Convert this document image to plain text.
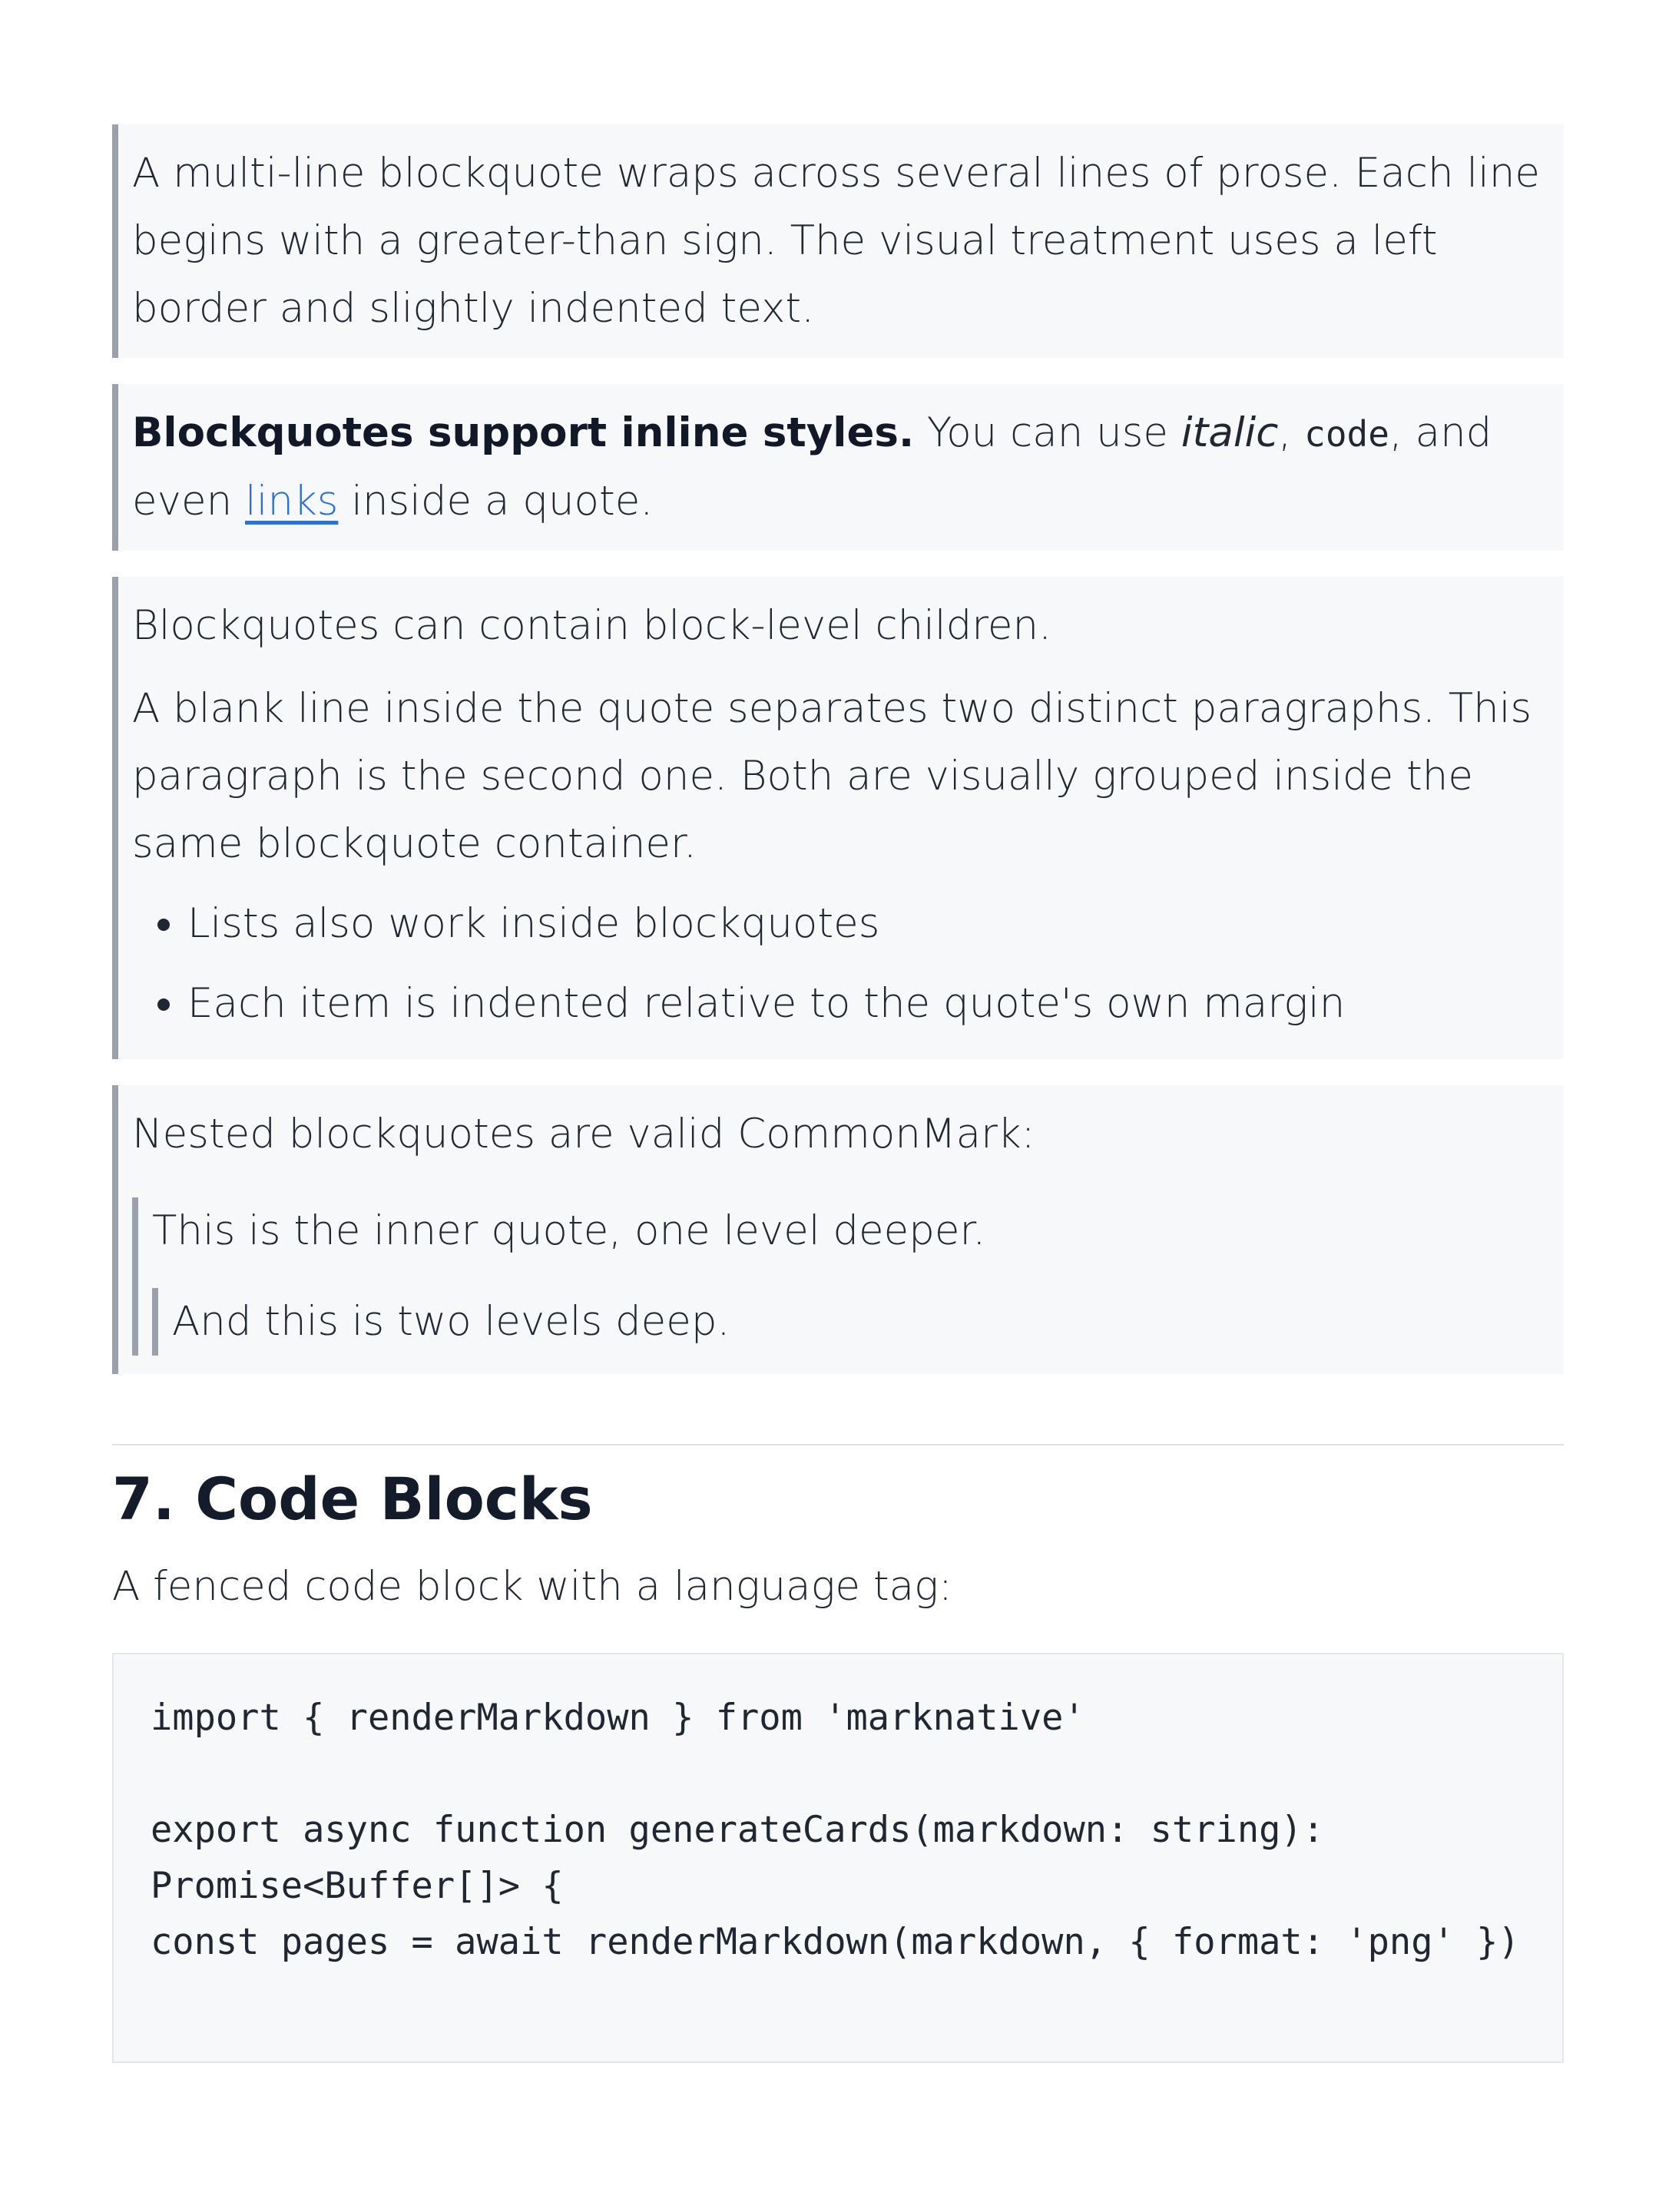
A multi-line blockquote wraps across several lines of prose. Each line begins with a greater-than sign. The visual treatment uses a left border and slightly indented text.

Blockquotes support inline styles. You can use italic, code, and even links inside a quote.

Blockquotes can contain block-level children.

A blank line inside the quote separates two distinct paragraphs. This paragraph is the second one. Both are visually grouped inside the same blockquote container.

• Lists also work inside blockquotes
• Each item is indented relative to the quote's own margin

Nested blockquotes are valid CommonMark:

This is the inner quote, one level deeper.

And this is two levels deep.

7. Code Blocks

A fenced code block with a language tag:

import { renderMarkdown } from 'marknative'
export async function generateCards(markdown: string): Promise<Buffer[]> {
const pages = await renderMarkdown(markdown, { format: 'png' })
